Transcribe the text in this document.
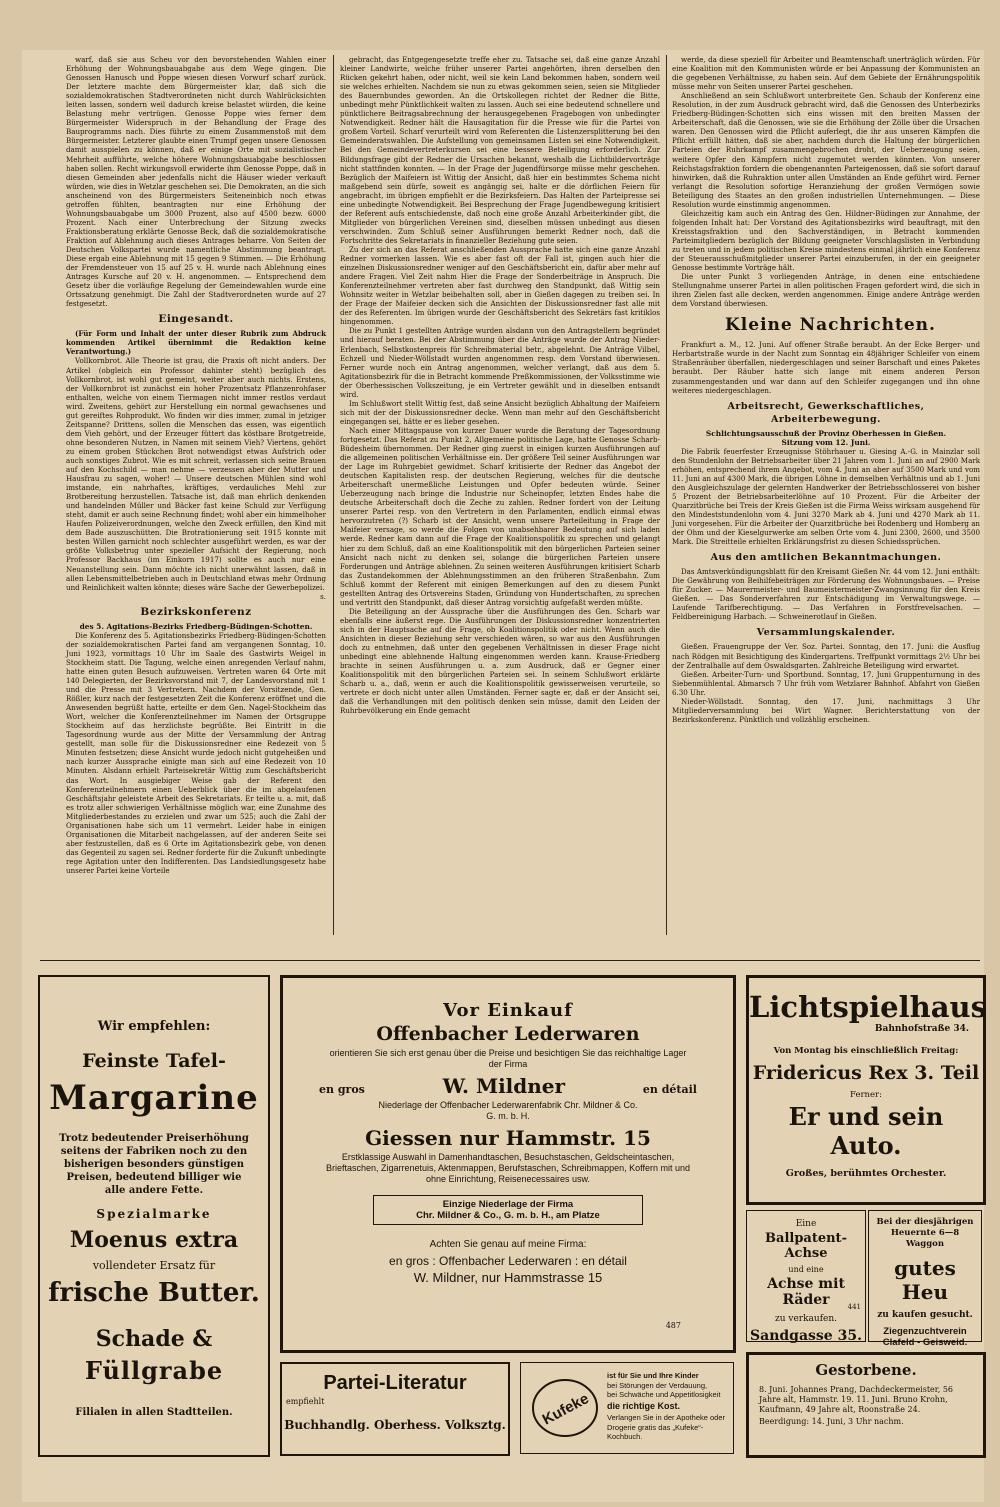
warf, daß sie aus Scheu vor den bevorstehenden Wahlen einer Erhöhung der Wohnungsbauabgabe aus dem Wege gingen. Die Genossen Hanusch und Poppe wiesen diesen Vorwurf scharf zurück. Der letztere machte dem Bürgermeister klar, daß sich die sozialdemokratischen Stadtverordneten nicht durch Wahlrücksichten leiten lassen, sondern weil dadurch kreise belastet würden, die keine Belastung mehr vertrügen. Genosse Poppe wies ferner dem Bürgermeister Widerspruch in der Behandlung der Frage des Bauprogramms nach. Dies führte zu einem Zusammenstoß mit dem Bürgermeister. Letzterer glaubte einen Trumpf gegen unsere Genossen damit ausspielen zu können, daß er einige Orte mit sozialistischer Mehrheit aufführte, welche höhere Wohnungsbauabgabe beschlossen haben sollen. Recht wirkungsvoll erwiderte ihm Genosse Poppe, daß in diesen Gemeinden aber jedenfalls nicht die Häuser wieder verkauft würden, wie dies in Wetzlar geschehen sei. Die Demokraten, an die sich anscheinend von des Bürgermeisters Seiteneinbich noch etwas getroffen fühlten, beantragten nur eine Erhöhung der Wohnungsbauabgabe um 3000 Prozent, also auf 4500 bezw. 6000 Prozent. Nach einer Unterbrechung der Sitzung zwecks Fraktionsberatung erklärte Genosse Beck, daß die sozialdemokratische Fraktion auf Ablehnung auch dieses Antrages beharre. Von Seiten der Deutschen Volkspartei wurde namentliche Abstimmung beantragt. Diese ergab eine Ablehnung mit 15 gegen 9 Stimmen. — Die Erhöhung der Fremdensteuer von 15 auf 25 v. H. wurde nach Ablehnung eines Antrages Kursche auf 20 v. H. angenommen. — Entsprechend dem Gesetz über die vorläufige Regelung der Gemeindewahlen wurde eine Ortssatzung genehmigt. Die Zahl der Stadtverordneten wurde auf 27 festgesetzt.

Eingesandt.

(Für Form und Inhalt der unter dieser Rubrik zum Abdruck kommenden Artikel übernimmt die Redaktion keine Verantwortung.)

Vollkornbrot. Alle Theorie ist grau, die Praxis oft nicht anders. Der Artikel (obgleich ein Professor dahinter steht) bezüglich des Vollkornbrot, ist wohl gut gemeint, weiter aber auch nichts. Erstens, der Vollkornbrot ist zunächst ein hoher Prozentsatz Pflanzenrohfaser enthalten, welche von einem Tiermagen nicht immer restlos verdaut wird. Zweitens, gehört zur Herstellung ein normal gewachsenes und gut gereiftes Rohprodukt. Wo finden wir dies immer, zumal in jetziger Zeitspanne? Drittens, sollen die Menschen das essen, was eigentlich dem Vieh gehört, und der Erzeuger füttert das köstbare Brotgetreide, ohne besonderen Nutzen, in Namen mit seinem Vieh? Viertens, gehört zu einem groben Stückchen Brot notwendigst etwas Aufstrich oder auch sonstiges Zubrot. Wie es mit schreit, verlassen sich seine Brauen auf den Kochschild — man nehme — verzessen aber der Mutter und Hausfrau zu sagen, woher! — Unsere deutschen Mühlen sind wohl imstande, ein nahrhaftes, kräftiges, verdauliches Mehl zur Brotbereitung herzustellen. Tatsache ist, daß man ehrlich denkenden und handelnden Müller und Bäcker fast keine Schuld zur Verfügung steht, damit er auch seine Rechnung findet; wohl aber ein himmelhoher Haufen Polizeiverordnungen, welche den Zweck erfüllen, den Kind mit dem Bade auszuschütten. Die Brotrationierung seit 1915 konnte mit besten Willen garnicht noch schlechter ausgeführt werden, es war der größte Volksbetrug unter spezieller Aufsicht der Regierung, noch Professor Backhaus (im Einkorn 1917) sollte es auch nur eine Neuanstellung sein. Dann möchte ich nicht unerwähnt lassen, daß in allen Lebensmittelbetrieben auch in Deutschland etwas mehr Ordnung und Reinlichkeit walten könnte; dieses wäre Sache der Gewerbepolizei.

s.

Bezirkskonferenz

des 5. Agitations-Bezirks Friedberg-Büdingen-Schotten.

Die Konferenz des 5. Agitationsbezirks Friedberg-Büdingen-Schotten der sozialdemokratischen Partei fand am vergangenen Sonntag, 10. Juni 1923, vormittags 10 Uhr im Saale des Gastwirts Weigel in Stockheim statt. Die Tagung, welche einen anregenden Verlauf nahm, hatte einen guten Besuch aufzuweisen. Vertreten waren 64 Orte mit 140 Delegierten, der Bezirksvorstand mit 7, der Landesvorstand mit 1 und die Presse mit 3 Vertretern. Nachdem der Vorsitzende, Gen. Rößler, kurz nach der festgesetzten Zeit die Konferenz eröffnet und die Anwesenden begrüßt hatte, erteilte er dem Gen. Nagel-Stockheim das Wort, welcher die Konferenzteilnehmer im Namen der Ortsgruppe Stockheim auf das herzlichste begrüßte. Bei Eintritt in die Tagesordnung wurde aus der Mitte der Versammlung der Antrag gestellt, man solle für die Diskussionsredner eine Redezeit von 5 Minuten festsetzen; diese Ansicht wurde jedoch nicht gutgeheißen und nach kurzer Aussprache einigte man sich auf eine Redezeit von 10 Minuten. Alsdann erhielt Parteisekretär Wittig zum Geschäftsbericht das Wort. In ausgiebiger Weise gab der Referent den Konferenzteilnehmern einen Ueberblick über die im abgelaufenen Geschäftsjahr geleistete Arbeit des Sekretariats. Er teilte u. a. mit, daß es trotz aller schwierigen Verhältnisse möglich war, eine Zunahme des Mitgliederbestandes zu erzielen und zwar um 525; auch die Zahl der Organisationen habe sich um 11 vermehrt. Leider habe in einigen Organisationen die Mitarbeit nachgelassen, auf der anderen Seite sei aber festzustellen, daß es 6 Orte im Agitationsbezirk gebe, von denen das Gegenteil zu sagen sei. Redner forderte für die Zukunft unbedingte rege Agitation unter den Indifferenten. Das Landsiedlungsgesetz habe unserer Partei keine Vorteile

gebracht, das Entgegengesetzte treffe eher zu. Tatsache sei, daß eine ganze Anzahl kleiner Landwirte, welche früher unserer Partei angehörten, ihren derselben den Rücken gekehrt haben, oder nicht, weil sie kein Land bekommen haben, sondern weil sie welches erhielten. Nachdem sie nun zu etwas gekommen seien, seien sie Mitglieder des Bauernbundes geworden. An die Ortskollegen richtet der Redner die Bitte, unbedingt mehr Pünktlichkeit walten zu lassen. Auch sei eine bedeutend schnellere und pünktlichere Beitragsabrechnung der herausgegebenen Fragebogen von unbedingter Notwendigkeit. Redner hält die Hausagitation für die Presse wie für die Partei von großem Vorteil. Scharf verurteilt wird vom Referenten die Listenzersplitterung bei den Gemeinderatswahlen. Die Aufstellung von gemeinsamen Listen sei eine Notwendigkeit. Bei den Gemeindevertreterkursen sei eine bessere Beteiligung erforderlich. Zur Bildungsfrage gibt der Redner die Ursachen bekannt, weshalb die Lichtbildervorträge nicht stattfinden konnten. — In der Frage der Jugendfürsorge müsse mehr geschehen. Bezüglich der Maifeiern ist Wittig der Ansicht, daß hier ein bestimmtes Schema nicht maßgebend sein dürfe, soweit es angängig sei, halte er die dörflichen Feiern für angebracht, im übrigen empfiehlt er die Bezirksfeiern. Das Halten der Parteipresse sei eine unbedingte Notwendigkeit. Bei Besprechung der Frage Jugendbewegung kritisiert der Referent aufs entschiedenste, daß noch eine große Anzahl Arbeiterkinder gibt, die Mitglieder von bürgerlichen Vereinen sind, dieselben müssen unbedingt aus diesen verschwinden. Zum Schluß seiner Ausführungen bemerkt Redner noch, daß die Fortschritte des Sekretariats in finanzieller Beziehung gute seien.

Zu der sich an das Referat anschließenden Aussprache hatte sich eine ganze Anzahl Redner vormerken lassen. Wie es aber fast oft der Fall ist, gingen auch hier die einzelnen Diskussionsredner weniger auf den Geschäftsbericht ein, dafür aber mehr auf andere Fragen. Viel Zeit nahm Hier die Frage der Sonderbeiträge in Anspruch. Die Konferenzteilnehmer vertreten aber fast durchweg den Standpunkt, daß Wittig sein Wohnsitz weiter in Wetzlar beibehalten soll, aber in Gießen dagegen zu treiben sei. In der Frage der Maifeier decken sich die Ansichten der Diskussionsredner fast alle mit der des Referenten. Im übrigen wurde der Geschäftsbericht des Sekretärs fast kritiklos hingenommen.

Die zu Punkt 1 gestellten Anträge wurden alsdann von den Antragstellern begründet und hierauf beraten. Bei der Abstimmung über die Anträge wurde der Antrag Nieder-Erlenbach, Selbstkostenpreis für Schreibmaterial betr., abgelehnt. Die Anträge Vilbel, Echzell und Nieder-Wöllstadt wurden angenommen resp. dem Vorstand überwiesen. Ferner wurde noch ein Antrag angenommen, welcher verlangt, daß aus dem 5. Agitationsbezirk für die in Betracht kommende Preßkommissionen, der Volksstimme wie der Oberhessischen Volkszeitung, je ein Vertreter gewählt und in dieselben entsandt wird.

Im Schlußwort stellt Wittig fest, daß seine Ansicht bezüglich Abhaltung der Maifeiern sich mit der der Diskussionsredner decke. Wenn man mehr auf den Geschäftsbericht eingegangen sei, hätte er es lieber gesehen.

Nach einer Mittagspause von kurzer Dauer wurde die Beratung der Tagesordnung fortgesetzt. Das Referat zu Punkt 2, Allgemeine politische Lage, hatte Genosse Scharb-Büdesheim übernommen. Der Redner ging zuerst in einigen kurzen Ausführungen auf die allgemeinen politischen Verhältnisse ein. Der größere Teil seiner Ausführungen war der Lage im Ruhrgebiet gewidmet. Scharf kritisierte der Redner das Angebot der deutschen Kapitalisten resp. der deutschen Regierung, welches für die deutsche Arbeiterschaft unermeßliche Leistungen und Opfer bedeuten würde. Seiner Ueberzeugung nach bringe die Industrie nur Scheinopfer, letzten Endes habe die deutsche Arbeiterschaft doch die Zeche zu zahlen. Redner fordert von der Leitung unserer Partei resp. von den Vertretern in den Parlamenten, endlich einmal etwas hervorzutreten (?) Scharb ist der Ansicht, wenn unsere Parteileitung in Frage der Maifeier versage, so werde die Folgen von unabsehbarer Bedeutung auf sich laden werde. Redner kam dann auf die Frage der Koalitionspolitik zu sprechen und gelangt hier zu dem Schluß, daß an eine Koalitionspolitik mit den bürgerlichen Parteien seiner Ansicht nach nicht zu denken sei, solange die bürgerlichen Parteien unsere Forderungen und Anträge ablehnen. Zu seinen weiteren Ausführungen kritisiert Scharb das Zustandekommen der Ablehnungsstimmen an den früheren Straßenbahn. Zum Schluß kommt der Referent mit einigen Bemerkungen auf den zu diesem Punkt gestellten Antrag des Ortsvereins Staden, Gründung von Hundertschaften, zu sprechen und vertritt den Standpunkt, daß dieser Antrag vorsichtig aufgefaßt werden müßte.

Die Beteiligung an der Aussprache über die Ausführungen des Gen. Scharb war ebenfalls eine äußerst rege. Die Ausführungen der Diskussionsredner konzentrierten sich in der Hauptsache auf die Frage, ob Koalitionspolitik oder nicht. Wenn auch die Ansichten in dieser Beziehung sehr verschieden wären, so war aus den Ausführungen doch zu entnehmen, daß unter den gegebenen Verhältnissen in dieser Frage nicht unbedingt eine ablehnende Haltung eingenommen werden kann. Krause-Friedberg brachte in seinen Ausführungen u. a. zum Ausdruck, daß er Gegner einer Koalitionspolitik mit den bürgerlichen Parteien sei. In seinem Schlußwort erklärte Scharb u. a., daß, wenn er auch die Koalitionspolitik gewisserweisen verurteile, so vertrete er doch nicht unter allen Umständen. Ferner sagte er, daß er der Ansicht sei, daß die Verhandlungen mit den politisch denken sein müsse, damit den Leiden der Ruhrbevölkerung ein Ende gemacht

werde, da diese speziell für Arbeiter und Beamtenschaft unerträglich würden. Für eine Koalition mit den Kommunisten würde er bei Anpassung der Kommunisten an die gegebenen Verhältnisse, zu haben sein. Auf dem Gebiete der Ernährungspolitik müsse mehr von Seiten unserer Partei geschehen.

Anschließend an sein Schlußwort unterbreitete Gen. Schaub der Konferenz eine Resolution, in der zum Ausdruck gebracht wird, daß die Genossen des Unterbezirks Friedberg-Büdingen-Schotten sich eins wissen mit den breiten Massen der Arbeiterschaft, daß die Genossen, wie sie die Erhöhung der Zölle über die Ursachen waren. Den Genossen wird die Pflicht auferlegt, die ihr aus unseren Kämpfen die Pflicht erfüllt hätten, daß sie aber, nachdem durch die Haltung der bürgerlichen Parteien der Ruhrkampf zusammengebrochen droht, der Ueberzeugung seien, weitere Opfer den Kämpfern nicht zugemutet werden könnten. Von unserer Reichstagsfraktion fordern die obengenannten Parteigenossen, daß sie sofort darauf hinwirken, daß die Ruhraktion unter allen Umständen an Ende geführt wird. Ferner verlangt die Resolution sofortige Heranziehung der großen Vermögen sowie Beteiligung des Staates an den großen industriellen Unternehmungen. — Diese Resolution wurde einstimmig angenommen.

Gleichzeitig kam auch ein Antrag des Gen. Hildner-Büdingen zur Annahme, der folgenden Inhalt hat: Der Vorstand des Agitationsbezirks wird beauftragt, mit den Kreisstagsfraktion und den Sachverständigen, in Betracht kommenden Parteimitgliedern bezüglich der Bildung geeigneter Vorschlagslisten in Verbindung zu treten und in jedem politischen Kreise mindestens einmal jährlich eine Konferenz der Steuerausschußmitglieder unserer Partei einzuberufen, in der ein geeigneter Genosse bestimmte Vorträge hält.

Die unter Punkt 3 vorliegenden Anträge, in denen eine entschiedene Stellungnahme unserer Partei in allen politischen Fragen gefordert wird, die sich in ihren Zielen fast alle decken, werden angenommen. Einige andere Anträge werden dem Vorstand überwiesen.

Kleine Nachrichten.

Frankfurt a. M., 12. Juni. Auf offener Straße beraubt. An der Ecke Berger- und Herbartstraße wurde in der Nacht zum Sonntag ein 48jähriger Schleifer von einem Straßenräuber überfallen, niedergeschlagen und seiner Barschaft und eines Paketes beraubt. Der Räuber hatte sich lange mit einem anderen Person zusammengestanden und war dann auf den Schleifer zugegangen und ihn ohne weiteres niedergeschlagen.

Arbeitsrecht, Gewerkschaftliches, Arbeiterbewegung.

Schlichtungsausschuß der Provinz Oberhessen in Gießen.

Sitzung vom 12. Juni.

Die Fabrik feuerfester Erzeugnisse Stöhrhauer u. Giesing A.-G. in Mainzlar soll den Stundenlohn der Betriebsarbeiter über 21 Jahren vom 1. Juni an auf 2900 Mark erhöhen, entsprechend ihrem Angebot, vom 4. Juni an aber auf 3500 Mark und vom 11. Juni an auf 4300 Mark, die übrigen Löhne in demselben Verhältnis und ab 1. Juni den Ausgleichszulage der gelernten Handwerker der Betriebsschlosserei von bisher 5 Prozent der Betriebsarbeiterlöhne auf 10 Prozent. Für die Arbeiter der Quarzitbrüche bei Treis der Kreis Gießen ist die Firma Weiss wirksam ausgehend für den Mindeststundenlohn vom 4. Juni 3270 Mark ab 4. Juni und 4270 Mark ab 11. Juni vorgesehen. Für die Arbeiter der Quarzitbrüche bei Rodenberg und Homberg an der Ohm und der Kieselgurwerke am selben Orte vom 4. Juni 2300, 2600, und 3500 Mark. Die Streitteile erhielten Erklärungsfrist zu diesen Schiedssprüchen.

Aus den amtlichen Bekanntmachungen.

Das Amtsverkündigungsblatt für den Kreisamt Gießen Nr. 44 vom 12. Juni enthält: Die Gewährung von Beihilfebeiträgen zur Förderung des Wohnungsbaues. — Preise für Zucker. — Maurermeister- und Baumeistermeister-Zwangsinnung für den Kreis Gießen. — Das Sonderverfahren zur Entschädigung im Verwaltungswege. — Laufende Tarifberechtigung. — Das Verfahren in Forstfrevelsachen. — Feldbereinigung Harbach. — Schweinerotlauf in Gießen.

Versammlungskalender.

Gießen. Frauengruppe der Ver. Soz. Partei. Sonntag, den 17. Juni: die Ausflug nach Rödgen mit Besichtigung des Kindergartens. Treffpunkt vormittags 2½ Uhr bei der Zentralhalle auf dem Oswaldsgarten. Zahlreiche Beteiligung wird erwartet.

Gießen. Arbeiter-Turn- und Sportbund. Sonntag, 17. Juni Gruppenturnung in des Siebenmühlental. Abmarsch 7 Uhr früh vom Wetzlarer Bahnhof. Abfahrt von Gießen 6.30 Uhr.

Nieder-Wöllstadt. Sonntag, den 17. Juni, nachmittags 3 Uhr Mitgliederversammlung bei Wirt Wagner. Berichterstattung von der Bezirkskonferenz. Pünktlich und vollzählig erscheinen.

Wir empfehlen:
Feinste Tafel-
Margarine
Trotz bedeutender Preiserhöhung seitens der Fabriken noch zu den bisherigen besonders günstigen Preisen, bedeutend billiger wie alle andere Fette.
Spezialmarke
Moenus extra
vollendeter Ersatz für
frische Butter.
Schade &
Füllgrabe
Filialen in allen Stadtteilen.
Vor Einkauf
Offenbacher Lederwaren
orientieren Sie sich erst genau über die Preise und besichtigen Sie das reichhaltige Lager der Firma
en gros	W. Mildner	en détail
Niederlage der Offenbacher Lederwarenfabrik Chr. Mildner & Co. G. m. b. H.
Giessen nur Hammstr. 15
Erstklassige Auswahl in Damenhandtaschen, Besuchstaschen, Geldscheintaschen, Brieftaschen, Zigarrenetuis, Aktenmappen, Berufstaschen, Schreibmappen, Koffern mit und ohne Einrichtung, Reisenecessaires usw.
Einzige Niederlage der Firma
Chr. Mildner & Co., G. m. b. H., am Platze
Achten Sie genau auf meine Firma:
en gros : Offenbacher Lederwaren : en détail
W. Mildner, nur Hammstrasse 15
487
Partei-Literatur
empfiehlt
Buchhandlg. Oberhess. Volksztg. Kufeke
ist für Sie und Ihre Kinder
bei Störungen der Verdauung,
bei Schwäche und Appetitlosigkeit
die richtige Kost.
Verlangen Sie in der Apotheke oder Drogerie gratis das „Kufeke“-Kochbuch.
Lichtspielhaus
Bahnhofstraße 34.
Von Montag bis einschließlich Freitag:
Fridericus Rex 3. Teil
Ferner:
Er und sein Auto.
Großes, berühmtes Orchester.
Eine
Ballpatent-Achse
und eine
Achse mit Räder
zu verkaufen.
Sandgasse 35.
441
Bei der diesjährigen Heuernte 6—8 Waggon
gutes Heu
zu kaufen gesucht.
Ziegenzuchtverein
Clafeld - Geisweid.
Gestorbene.
8. Juni. Johannes Prang, Dachdeckermeister, 56 Jahre alt, Hammstr. 19. 11. Juni. Bruno Krohn, Kaufmann, 49 Jahre alt, Roonstraße 24.
Beerdigung: 14. Juni, 3 Uhr nachm.
